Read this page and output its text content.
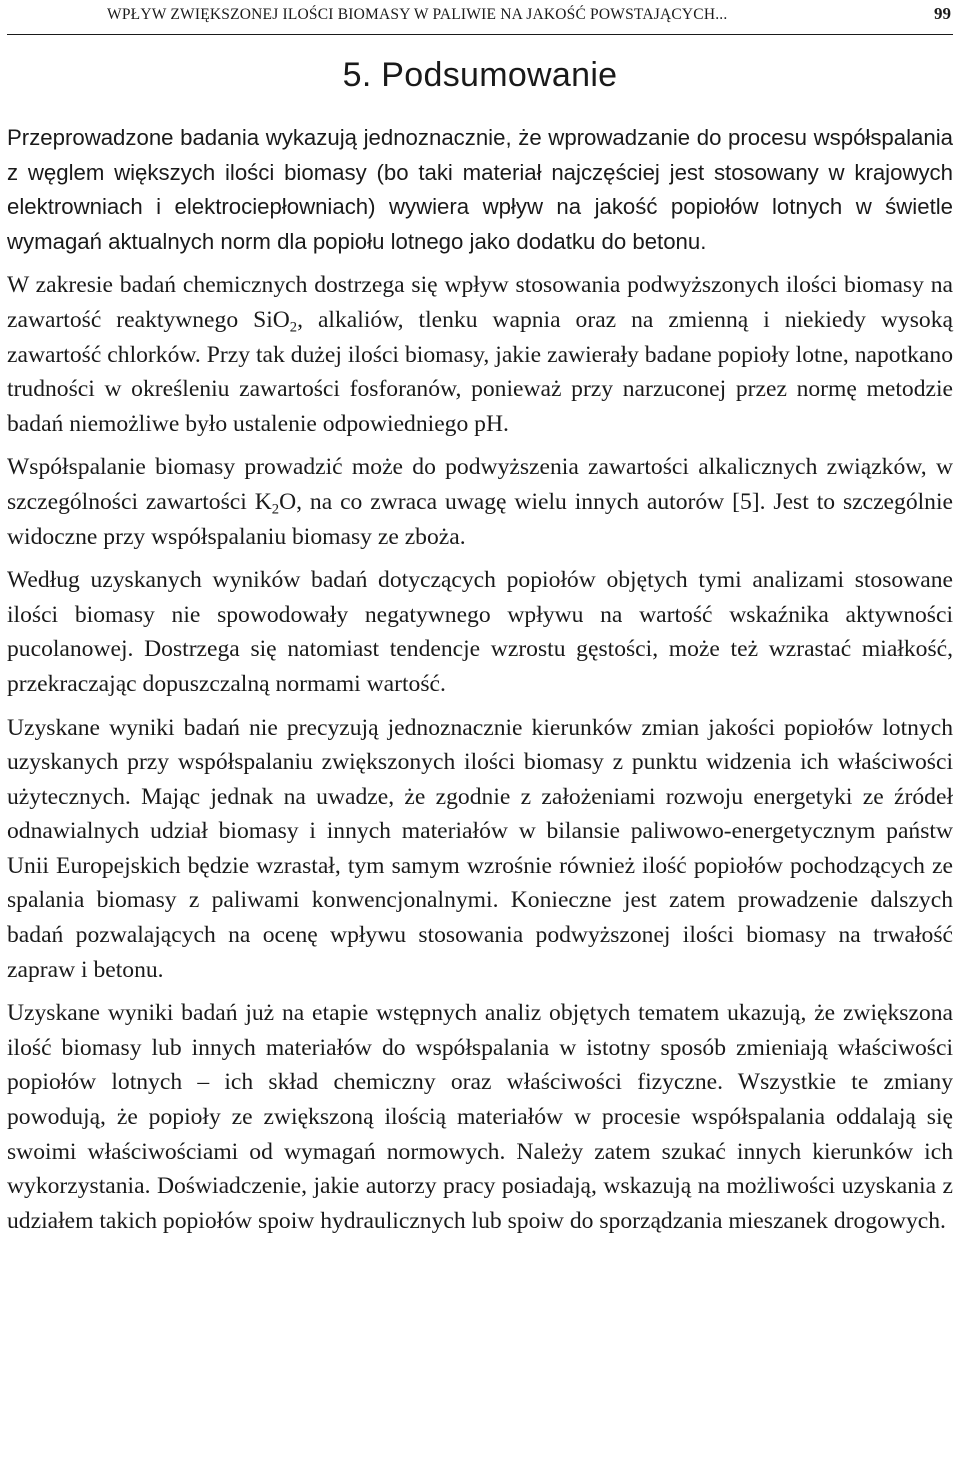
WPŁYW ZWIĘKSZONEJ ILOŚCI BIOMASY W PALIWIE NA JAKOŚĆ POWSTAJĄCYCH...	99
5. Podsumowanie

Przeprowadzone badania wykazują jednoznacznie, że wprowadzanie do procesu współspalania z węglem większych ilości biomasy (bo taki materiał najczęściej jest stosowany w krajowych elektrowniach i elektrociepłowniach) wywiera wpływ na jakość popiołów lotnych w świetle wymagań aktualnych norm dla popiołu lotnego jako dodatku do betonu.

W zakresie badań chemicznych dostrzega się wpływ stosowania podwyższonych ilości biomasy na zawartość reaktywnego SiO$_2$, alkaliów, tlenku wapnia oraz na zmienną i niekiedy wysoką zawartość chlorków. Przy tak dużej ilości biomasy, jakie zawierały badane popioły lotne, napotkano trudności w określeniu zawartości fosforanów, ponieważ przy narzuconej przez normę metodzie badań niemożliwe było ustalenie odpowiedniego pH.

Współspalanie biomasy prowadzić może do podwyższenia zawartości alkalicznych związków, w szczególności zawartości $K_2O$, na co zwraca uwagę wielu innych autorów [5]. Jest to szczególnie widoczne przy współspalaniu biomasy ze zboża.

Według uzyskanych wyników badań dotyczących popiołów objętych tymi analizami stosowane ilości biomasy nie spowodowały negatywnego wpływu na wartość wskaźnika aktywności pucolanowej. Dostrzega się natomiast tendencje wzrostu gęstości, może też wzrastać miałkość, przekraczając dopuszczalną normami wartość.

Uzyskane wyniki badań nie precyzują jednoznacznie kierunków zmian jakości popiołów lotnych uzyskanych przy współspalaniu zwiększonych ilości biomasy z punktu widzenia ich właściwości użytecznych. Mając jednak na uwadze, że zgodnie z założeniami rozwoju energetyki ze źródeł odnawialnych udział biomasy i innych materiałów w bilansie paliwowo-energetycznym państw Unii Europejskich będzie wzrastał, tym samym wzrośnie również ilość popiołów pochodzących ze spalania biomasy z paliwami konwencjonalnymi. Konieczne jest zatem prowadzenie dalszych badań pozwalających na ocenę wpływu stosowania podwyższonej ilości biomasy na trwałość zapraw i betonu.

Uzyskane wyniki badań już na etapie wstępnych analiz objętych tematem ukazują, że zwiększona ilość biomasy lub innych materiałów do współspalania w istotny sposób zmieniają właściwości popiołów lotnych – ich skład chemiczny oraz właściwości fizyczne. Wszystkie te zmiany powodują, że popioły ze zwiększoną ilością materiałów w procesie współspalania oddalają się swoimi właściwościami od wymagań normowych. Należy zatem szukać innych kierunków ich wykorzystania. Doświadczenie, jakie autorzy pracy posiadają, wskazują na możliwości uzyskania z udziałem takich popiołów spoiw hydraulicznych lub spoiw do sporządzania mieszanek drogowych.
